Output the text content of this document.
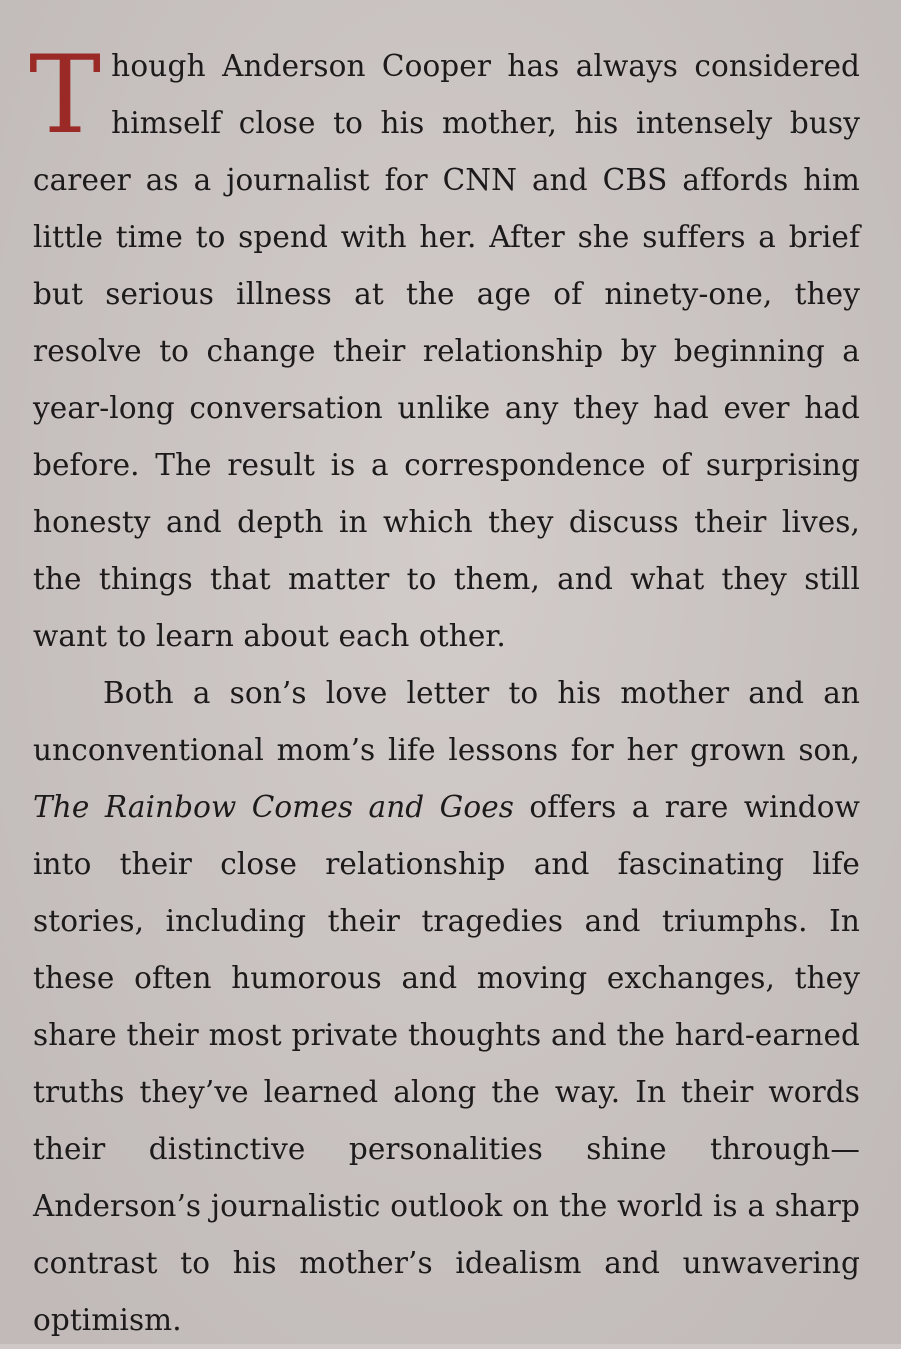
Though Anderson Cooper has always considered himself close to his mother, his intensely busy career as a journalist for CNN and CBS affords him little time to spend with her. After she suffers a brief but serious illness at the age of ninety-one, they resolve to change their relationship by beginning a year-long conversation unlike any they had ever had before. The result is a correspondence of surprising honesty and depth in which they discuss their lives, the things that matter to them, and what they still want to learn about each other.

Both a son’s love letter to his mother and an unconventional mom’s life lessons for her grown son, The Rainbow Comes and Goes offers a rare window into their close relationship and fascinating life stories, including their tragedies and triumphs. In these often humorous and moving exchanges, they share their most private thoughts and the hard-earned truths they’ve learned along the way. In their words their distinctive personalities shine through—Anderson’s journalistic outlook on the world is a sharp contrast to his mother’s idealism and unwavering optimism.
